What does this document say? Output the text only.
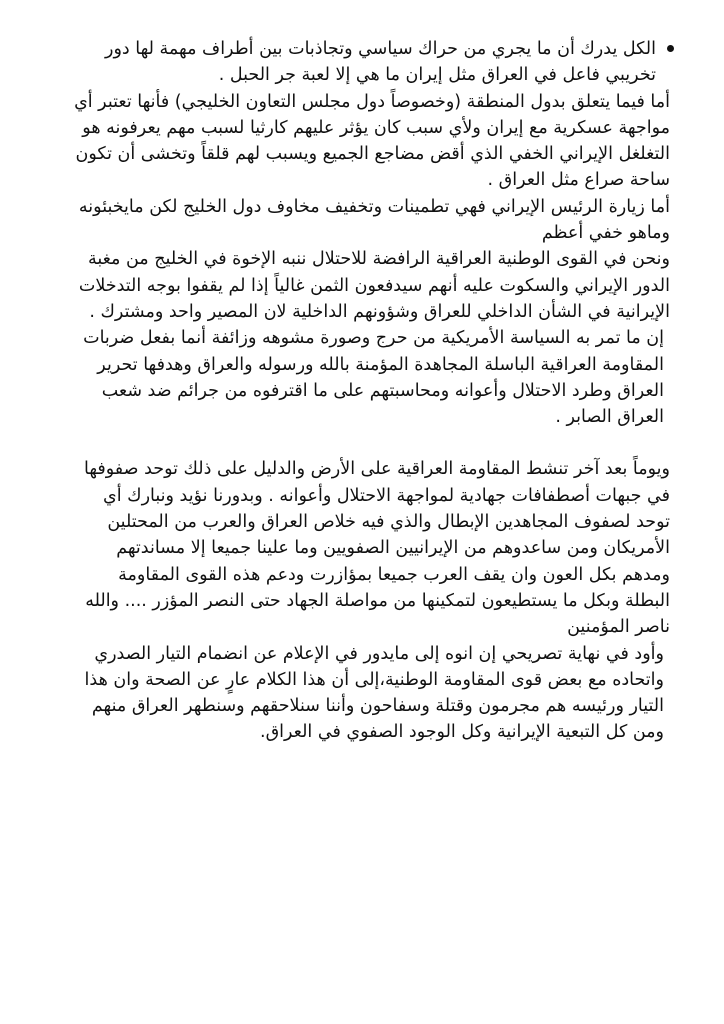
الكل يدرك أن ما يجري من حراك سياسي وتجاذبات بين أطراف مهمة لها دور تخريبي فاعل في العراق مثل إيران ما هي إلا لعبة جر الحبل .

أما فيما يتعلق بدول المنطقة (وخصوصاً دول مجلس التعاون الخليجي) فأنها تعتبر أي مواجهة عسكرية مع إيران ولأي سبب كان يؤثر عليهم كارثيا لسبب مهم يعرفونه هو التغلغل الإيراني الخفي الذي أقض مضاجع الجميع ويسبب لهم قلقاً وتخشى أن تكون ساحة صراع مثل العراق .

أما زيارة الرئيس الإيراني فهي تطمينات وتخفيف مخاوف دول الخليج لكن مايخبئونه وماهو خفي أعظم

ونحن في القوى الوطنية العراقية الرافضة للاحتلال ننبه الإخوة في الخليج من مغبة الدور الإيراني والسكوت عليه أنهم سيدفعون الثمن غالياً إذا لم يقفوا بوجه التدخلات الإيرانية في الشأن الداخلي للعراق وشؤونهم الداخلية لان المصير واحد ومشترك .

إن ما تمر به السياسة الأمريكية من حرج وصورة مشوهه وزائفة أنما بفعل ضربات المقاومة العراقية الباسلة المجاهدة المؤمنة بالله ورسوله والعراق وهدفها تحرير العراق وطرد الاحتلال وأعوانه ومحاسبتهم على ما اقترفوه من جرائم ضد شعب العراق الصابر .

ويوماً بعد آخر تنشط المقاومة العراقية على الأرض والدليل على ذلك توحد صفوفها في جبهات أصطفافات جهادية لمواجهة الاحتلال وأعوانه . وبدورنا نؤيد ونبارك أي توحد لصفوف المجاهدين الإبطال والذي فيه خلاص العراق والعرب من المحتلين الأمريكان ومن ساعدوهم من الإيرانيين الصفويين وما علينا جميعا إلا مساندتهم ومدهم بكل العون وان يقف العرب جميعا بمؤازرت ودعم هذه القوى المقاومة البطلة وبكل ما يستطيعون لتمكينها من مواصلة الجهاد حتى النصر المؤزر .... والله ناصر المؤمنين

وأود في نهاية تصريحي إن انوه إلى مايدور في الإعلام عن انضمام التيار الصدري واتحاده مع بعض قوى المقاومة الوطنية،إلى أن هذا الكلام عارٍ عن الصحة وان هذا التيار ورئيسه هم مجرمون وقتلة وسفاحون وأننا سنلاحقهم وسنطهر العراق منهم ومن كل التبعية الإيرانية وكل الوجود الصفوي في العراق.
